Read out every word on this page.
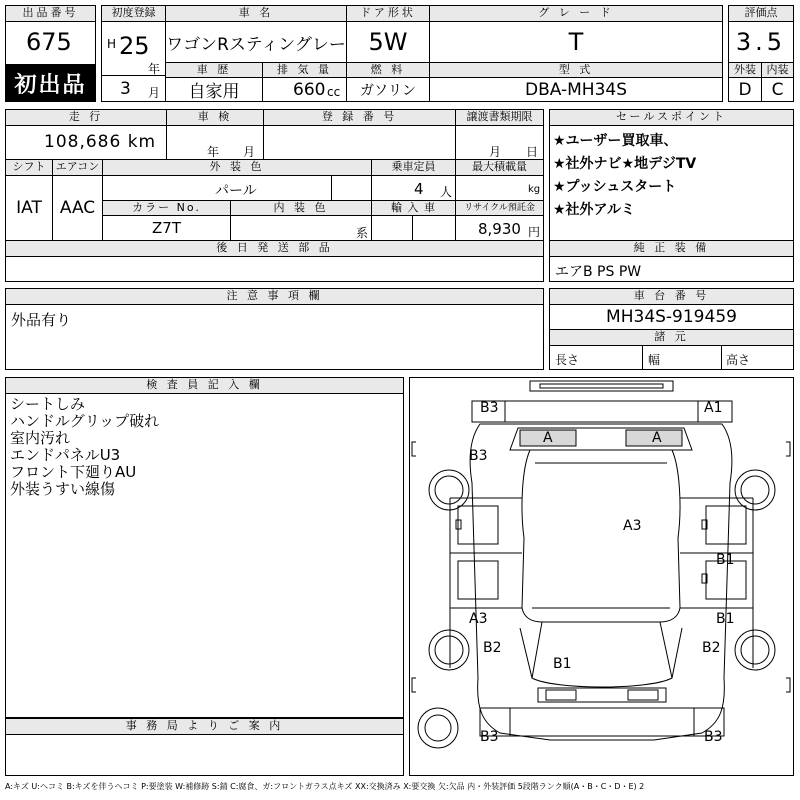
出品番号
675
初出品
初度登録
H 25
年
3 月
車 名
ワゴンRスティングレー
ドア形状
5W
グ レ ー ド
T
車 歴
自家用
排 気 量
660 cc
燃 料
ガソリン
型 式
DBA-MH34S
評価点
3.5
外装 内装
D	C
走 行
108,686 km
車 検
年 月
登 録 番 号	譲渡書類期限
月 日
シフト
IAT
エアコン
AAC
外 装 色
パール
乗車定員
4 人
最大積載量
kg
カラー No.
Z7T
内 装 色
系
輸 入 車	リサイクル預託金
8,930 円
後 日 発 送 部 品
セールスポイント
★ユーザー買取車、
★社外ナビ★地デジTV
★プッシュスタート
★社外アルミ
純 正 装 備
エアB PS PW
注 意 事 項 欄
外品有り
車 台 番 号
MH34S-919459
諸 元
長さ	幅	高さ
検 査 員 記 入 欄
シートしみ
ハンドルグリップ破れ
室内汚れ
エンドパネルU3
フロント下廻りAU
外装うすい線傷
事 務 局 よ り ご 案 内
B3	A1
A	A
B3
A3
B1
A3	B1
B2	B2
B1
B3	B3
A:キズ U:ヘコミ B:キズを伴うヘコミ P:要塗装 W:補修跡 S:錆 C:腐食、ガ:フロントガラス点キズ XX:交換済み X:要交換 欠:欠品 内・外装評価 5段階ランク順(A・B・C・D・E) 2
